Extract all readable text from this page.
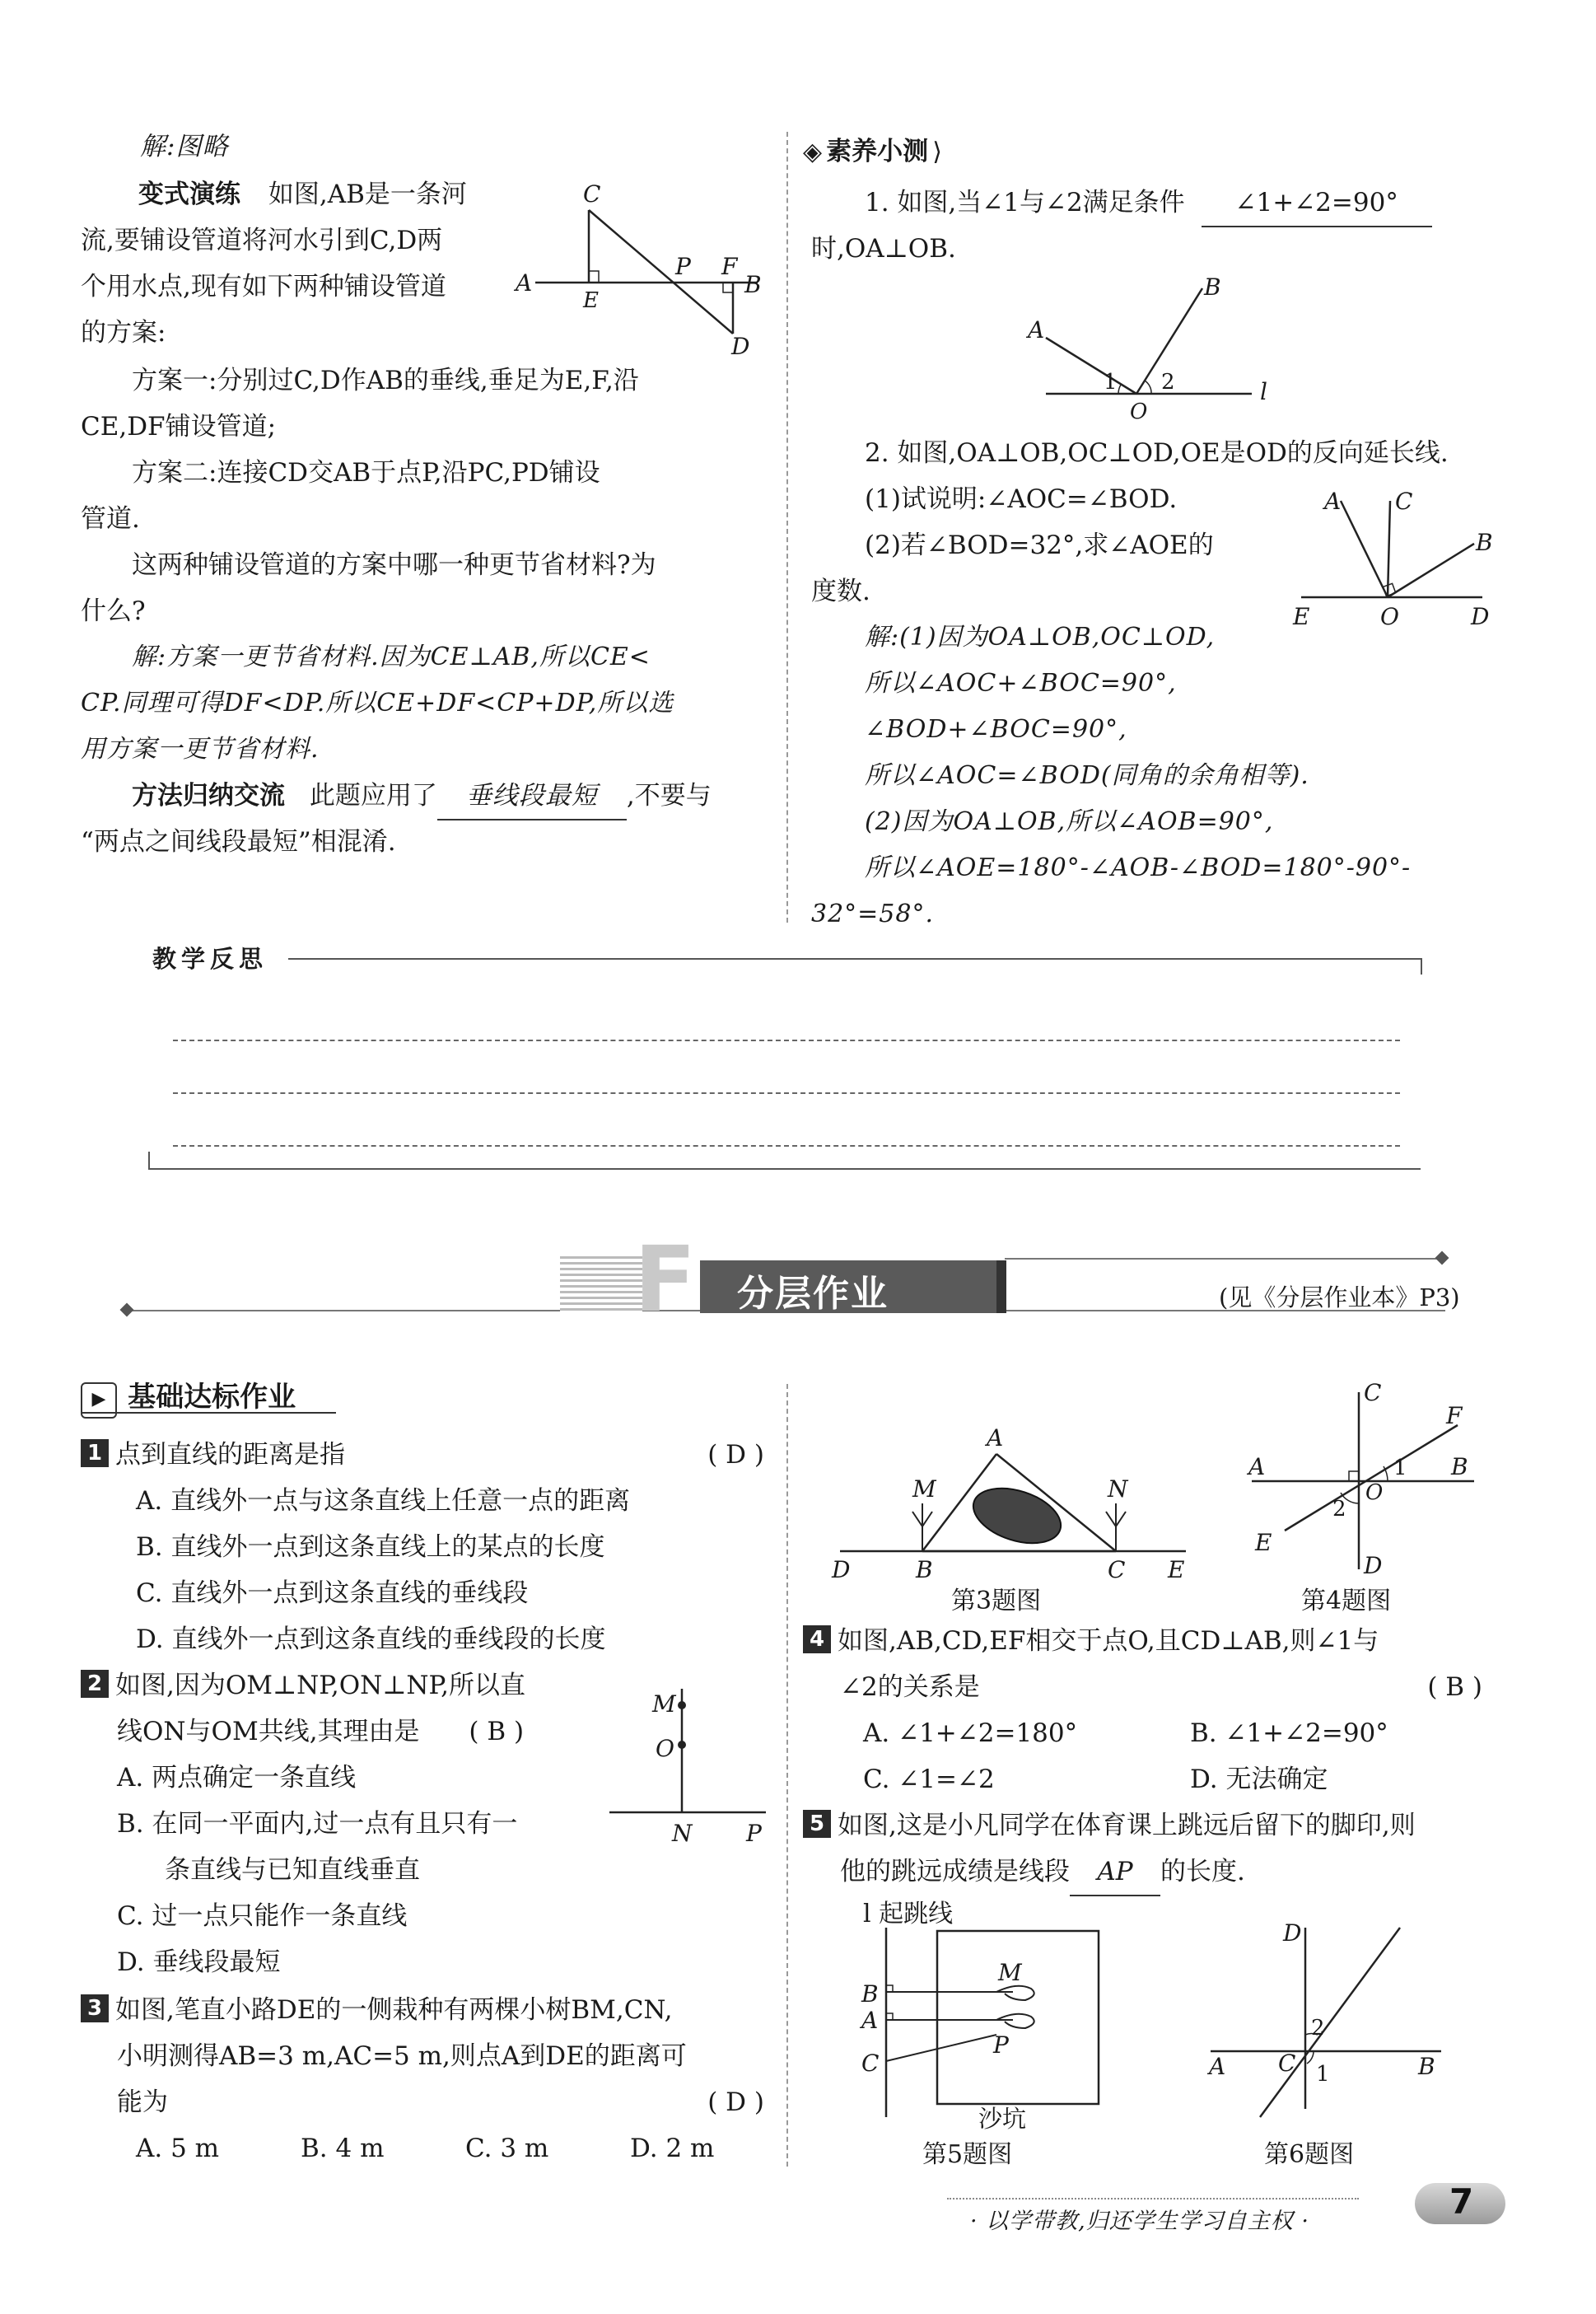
解:图略
变式演练 如图,AB是一条河
流,要铺设管道将河水引到C,D两
个用水点,现有如下两种铺设管道
的方案:
C
A
E
P F
B
D
方案一:分别过C,D作AB的垂线,垂足为E,F,沿
CE,DF铺设管道;
方案二:连接CD交AB于点P,沿PC,PD铺设
管道.
这两种铺设管道的方案中哪一种更节省材料?为
什么?
解:方案一更节省材料.因为CE⊥AB,所以CE<
CP.同理可得DF<DP.所以CE+DF<CP+DP,所以选
用方案一更节省材料.
方法归纳交流 此题应用了 垂线段最短 ,不要与
“两点之间线段最短”相混淆.
◈ 素养小测 ⟩
1. 如图,当∠1与∠2满足条件 ∠1+∠2=90°
时,OA⊥OB.
B
A
1 2
O
l
2. 如图,OA⊥OB,OC⊥OD,OE是OD的反向延长线.
(1)试说明:∠AOC=∠BOD.
(2)若∠BOD=32°,求∠AOE的
度数.
A C
B
E	O	D
解:(1)因为OA⊥OB,OC⊥OD,
所以∠AOC+∠BOC=90°,
∠BOD+∠BOC=90°,
所以∠AOC=∠BOD(同角的余角相等).
(2)因为OA⊥OB,所以∠AOB=90°,
所以∠AOE=180°-∠AOB-∠BOD=180°-90°-
32°=58°.
教学反思
F 分层作业	(见《分层作业本》P3)
▶ 基础达标作业
1 点到直线的距离是指	( D )
A. 直线外一点与这条直线上任意一点的距离
B. 直线外一点到这条直线上的某点的长度
C. 直线外一点到这条直线的垂线段
D. 直线外一点到这条直线的垂线段的长度
2 如图,因为OM⊥NP,ON⊥NP,所以直
线ON与OM共线,其理由是 ( B )
A. 两点确定一条直线
B. 在同一平面内,过一点有且只有一
条直线与已知直线垂直
C. 过一点只能作一条直线
D. 垂线段最短
M
O
N P
3 如图,笔直小路DE的一侧栽种有两棵小树BM,CN,
小明测得AB=3 m,AC=5 m,则点A到DE的距离可
能为	( D )
A. 5 m	B. 4 m	C. 3 m	D. 2 m
A
M	N
D	B	C E
第3题图
C
F
A
O
1 B
2
E
D
第4题图
4 如图,AB,CD,EF相交于点O,且CD⊥AB,则∠1与
∠2的关系是	( B )
A. ∠1+∠2=180°	B. ∠1+∠2=90°
C. ∠1=∠2	D. 无法确定
5 如图,这是小凡同学在体育课上跳远后留下的脚印,则
他的跳远成绩是线段 AP 的长度.
l 起跳线
B
A
C
M
P
沙坑
第5题图
D
2
A C 1	B
第6题图
· 以学带教,归还学生学习自主权 ·	7
